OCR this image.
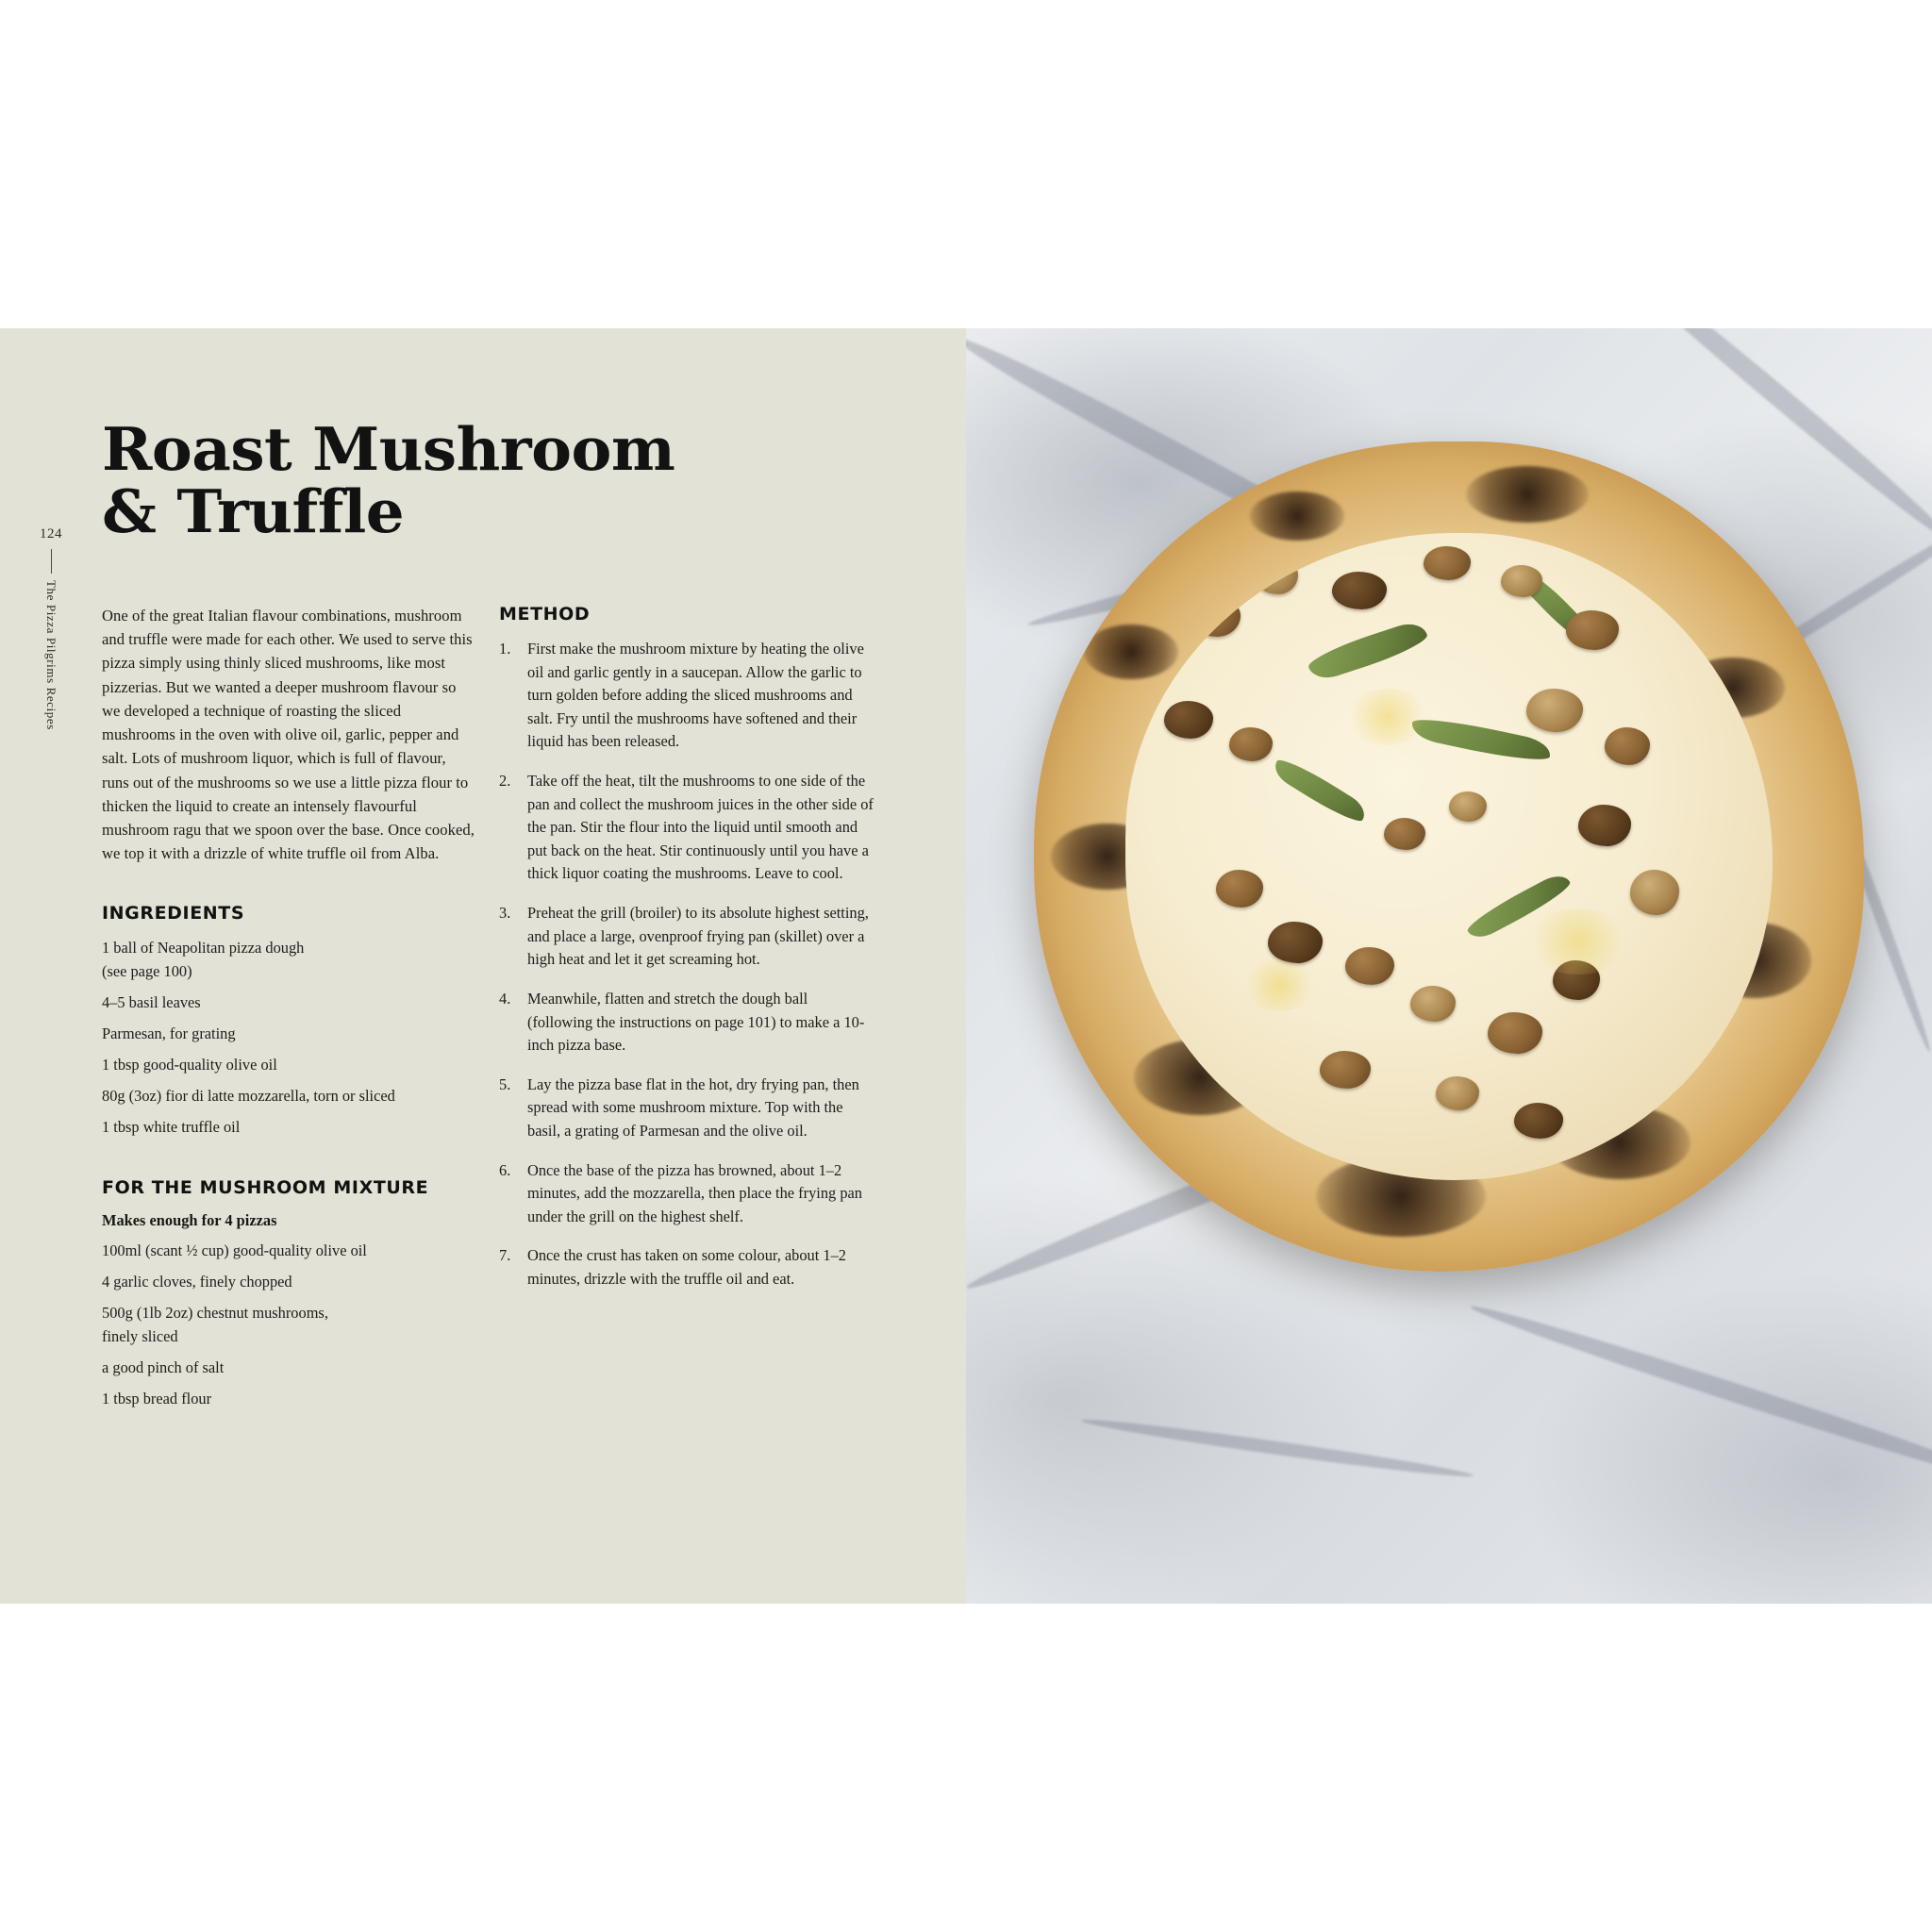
124
The Pizza Pilgrims Recipes
Roast Mushroom
& Truffle

One of the great Italian flavour combinations, mushroom and truffle were made for each other. We used to serve this pizza simply using thinly sliced mushrooms, like most pizzerias. But we wanted a deeper mushroom flavour so we developed a technique of roasting the sliced mushrooms in the oven with olive oil, garlic, pepper and salt. Lots of mushroom liquor, which is full of flavour, runs out of the mushrooms so we use a little pizza flour to thicken the liquid to create an intensely flavourful mushroom ragu that we spoon over the base. Once cooked, we top it with a drizzle of white truffle oil from Alba.

INGREDIENTS

1 ball of Neapolitan pizza dough

(see page 100)

4–5 basil leaves

Parmesan, for grating

1 tbsp good-quality olive oil

80g (3oz) fior di latte mozzarella, torn or sliced

1 tbsp white truffle oil

FOR THE MUSHROOM MIXTURE

Makes enough for 4 pizzas

100ml (scant ½ cup) good-quality olive oil

4 garlic cloves, finely chopped

500g (1lb 2oz) chestnut mushrooms,

finely sliced

a good pinch of salt

1 tbsp bread flour

METHOD
First make the mushroom mixture by heating the olive oil and garlic gently in a saucepan. Allow the garlic to turn golden before adding the sliced mushrooms and salt. Fry until the mushrooms have softened and their liquid has been released.
Take off the heat, tilt the mushrooms to one side of the pan and collect the mushroom juices in the other side of the pan. Stir the flour into the liquid until smooth and put back on the heat. Stir continuously until you have a thick liquor coating the mushrooms. Leave to cool.
Preheat the grill (broiler) to its absolute highest setting, and place a large, ovenproof frying pan (skillet) over a high heat and let it get screaming hot.
Meanwhile, flatten and stretch the dough ball (following the instructions on page 101) to make a 10-inch pizza base.
Lay the pizza base flat in the hot, dry frying pan, then spread with some mushroom mixture. Top with the basil, a grating of Parmesan and the olive oil.
Once the base of the pizza has browned, about 1–2 minutes, add the mozzarella, then place the frying pan under the grill on the highest shelf.
Once the crust has taken on some colour, about 1–2 minutes, drizzle with the truffle oil and eat.
